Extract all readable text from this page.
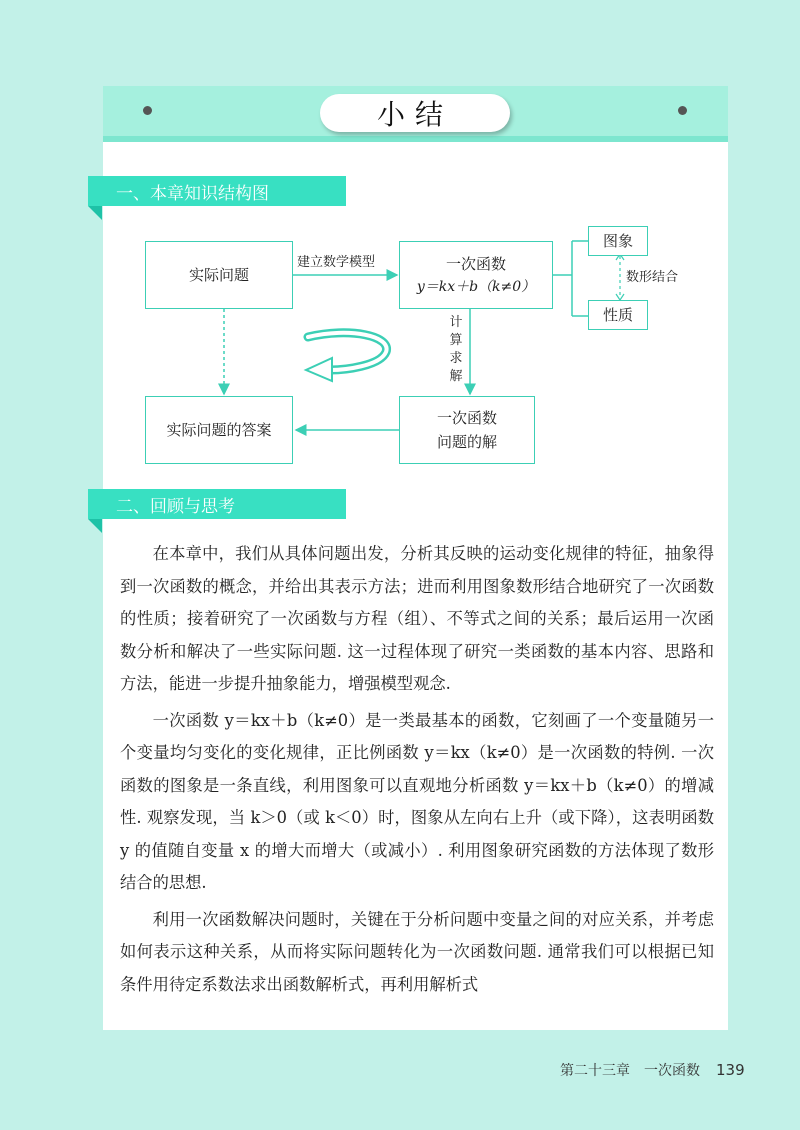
小结
一、本章知识结构图
实际问题
建立数学模型	一次函数
y＝kx＋b（k≠0）
图象
性质
数形结合
计
算
求
解
实际问题的答案
一次函数
问题的解
二、回顾与思考

在本章中，我们从具体问题出发，分析其反映的运动变化规律的特征，抽象得到一次函数的概念，并给出其表示方法；进而利用图象数形结合地研究了一次函数的性质；接着研究了一次函数与方程（组）、不等式之间的关系；最后运用一次函数分析和解决了一些实际问题. 这一过程体现了研究一类函数的基本内容、思路和方法，能进一步提升抽象能力，增强模型观念.

一次函数 y＝kx＋b（k≠0）是一类最基本的函数，它刻画了一个变量随另一个变量均匀变化的变化规律，正比例函数 y＝kx（k≠0）是一次函数的特例. 一次函数的图象是一条直线，利用图象可以直观地分析函数 y＝kx＋b（k≠0）的增减性. 观察发现，当 k＞0（或 k＜0）时，图象从左向右上升（或下降），这表明函数 y 的值随自变量 x 的增大而增大（或减小）. 利用图象研究函数的方法体现了数形结合的思想.

利用一次函数解决问题时，关键在于分析问题中变量之间的对应关系，并考虑如何表示这种关系，从而将实际问题转化为一次函数问题. 通常我们可以根据已知条件用待定系数法求出函数解析式，再利用解析式

第二十三章　一次函数 139
